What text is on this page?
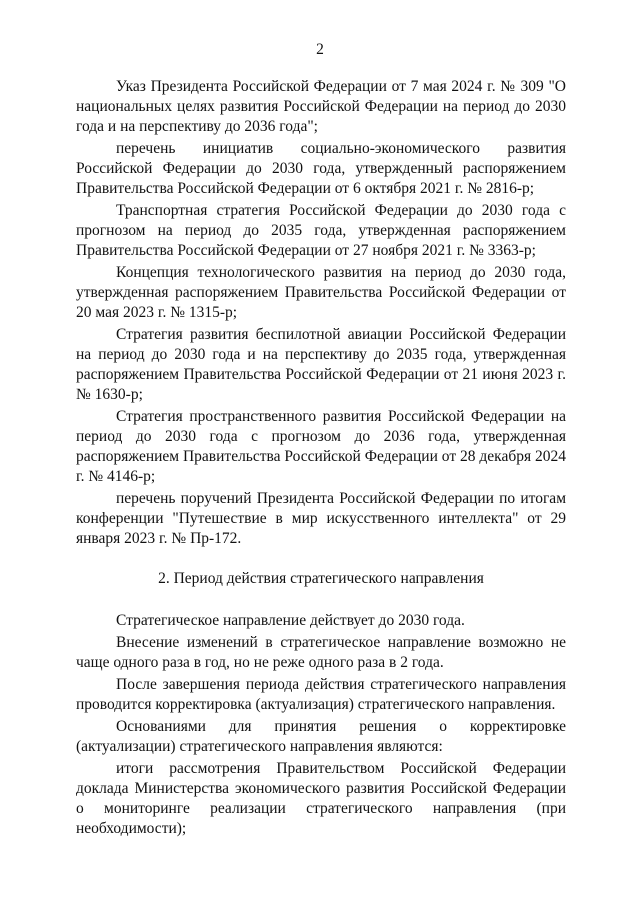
2

Указ Президента Российской Федерации от 7 мая 2024 г. № 309 "О национальных целях развития Российской Федерации на период до 2030 года и на перспективу до 2036 года";

перечень инициатив социально-экономического развития Российской Федерации до 2030 года, утвержденный распоряжением Правительства Российской Федерации от 6 октября 2021 г. № 2816-р;

Транспортная стратегия Российской Федерации до 2030 года с прогнозом на период до 2035 года, утвержденная распоряжением Правительства Российской Федерации от 27 ноября 2021 г. № 3363-р;

Концепция технологического развития на период до 2030 года, утвержденная распоряжением Правительства Российской Федерации от 20 мая 2023 г. № 1315-р;

Стратегия развития беспилотной авиации Российской Федерации на период до 2030 года и на перспективу до 2035 года, утвержденная распоряжением Правительства Российской Федерации от 21 июня 2023 г. № 1630-р;

Стратегия пространственного развития Российской Федерации на период до 2030 года с прогнозом до 2036 года, утвержденная распоряжением Правительства Российской Федерации от 28 декабря 2024 г. № 4146-р;

перечень поручений Президента Российской Федерации по итогам конференции "Путешествие в мир искусственного интеллекта" от 29 января 2023 г. № Пр-172.

2. Период действия стратегического направления

Стратегическое направление действует до 2030 года.

Внесение изменений в стратегическое направление возможно не чаще одного раза в год, но не реже одного раза в 2 года.

После завершения периода действия стратегического направления проводится корректировка (актуализация) стратегического направления.

Основаниями для принятия решения о корректировке (актуализации) стратегического направления являются:

итоги рассмотрения Правительством Российской Федерации доклада Министерства экономического развития Российской Федерации о мониторинге реализации стратегического направления (при необходимости);
